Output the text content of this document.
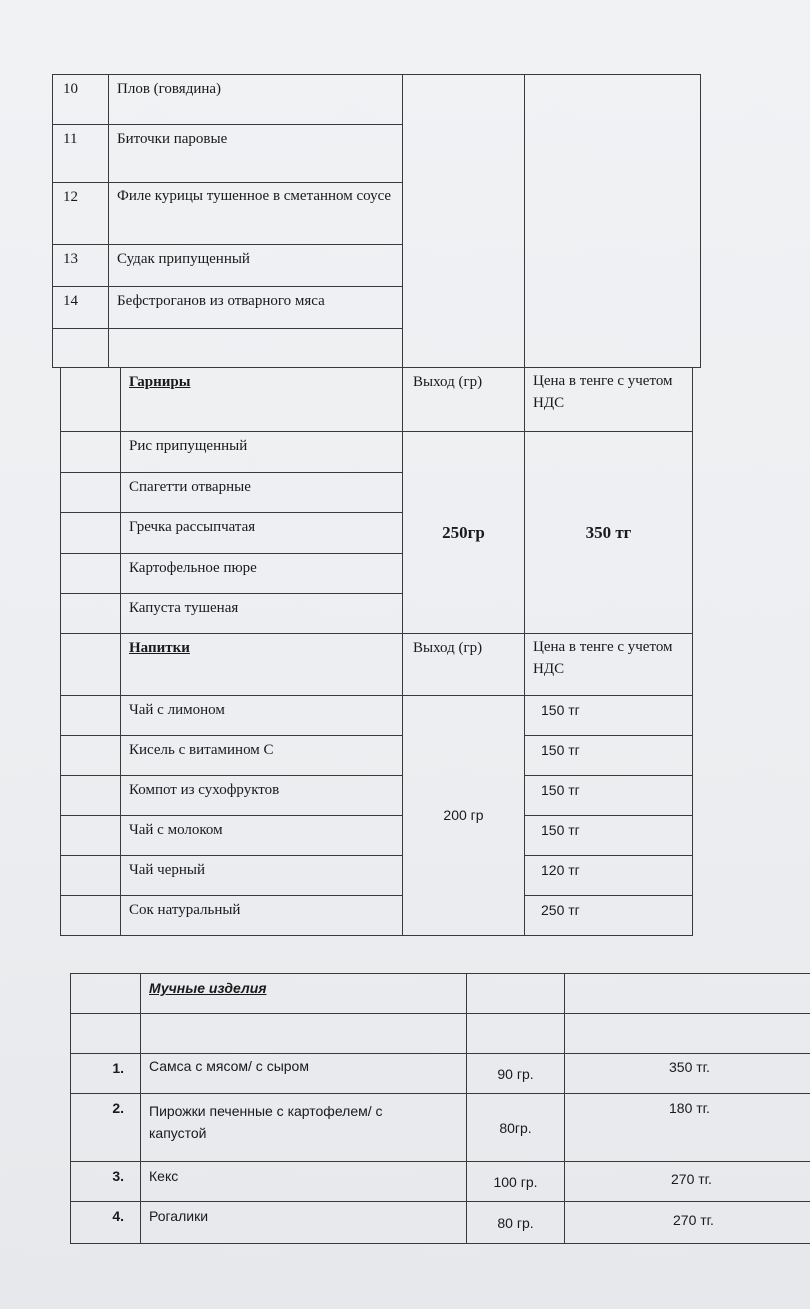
10	Плов (говядина)		

11	Биточки паровые		

12	Филе курицы тушенное в сметанном соусе		

13	Судак припущенный		

14	Бефстроганов из отварного мяса		

	Гарниры	Выход (гр)	Цена в тенге с учетом НДС

	Рис припущенный	250гр	350 тг

	Спагетти отварные		

	Гречка рассыпчатая		

	Картофельное пюре		

	Капуста тушеная		

	Напитки	Выход (гр)	Цена в тенге с учетом НДС

	Чай с лимоном	200 гр	150 тг

	Кисель с витамином С		150 тг

	Компот из сухофруктов		150 тг

	Чай с молоком		150 тг

	Чай черный		120 тг

	Сок натуральный		250 тг

	Мучные изделия		

1.	Самса с мясом/ с сыром	90 гр.	350 тг.

2.	Пирожки печенные с картофелем/ с капустой	80гр.	180 тг.

3.	Кекс	100 гр.	270 тг.

4.	Рогалики	80 гр.	270 тг.
